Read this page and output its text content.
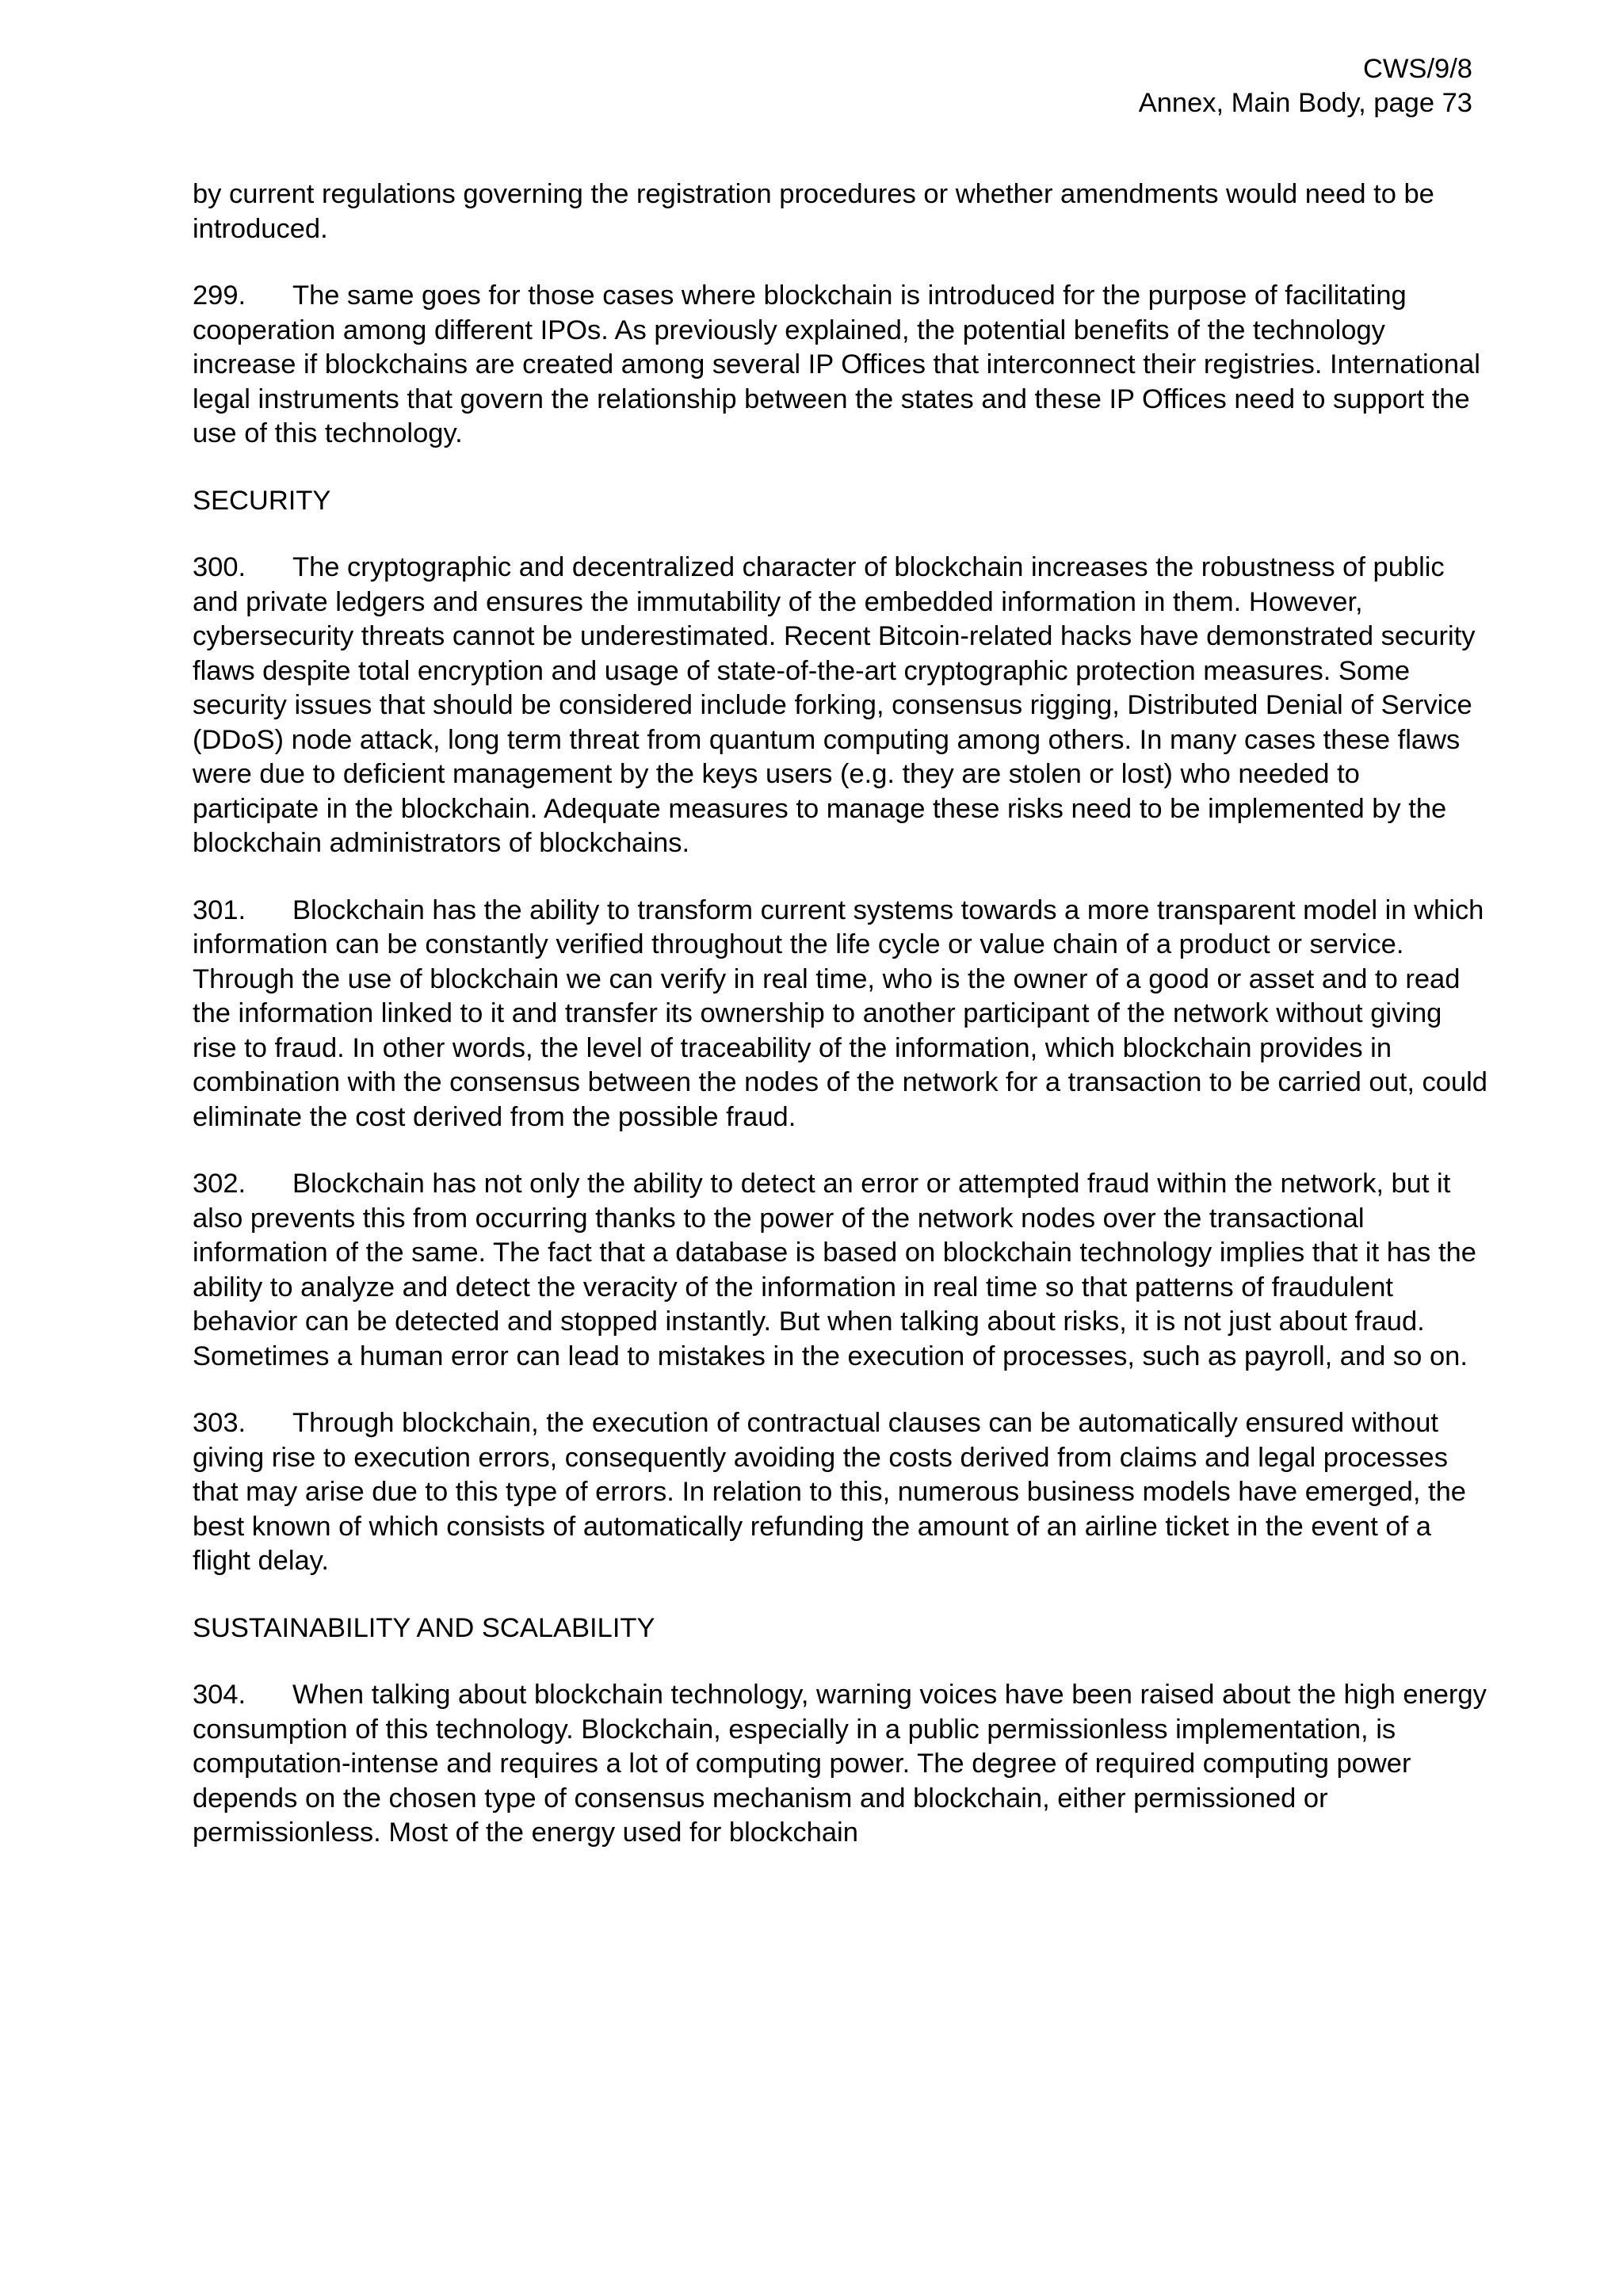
CWS/9/8
Annex, Main Body, page 73

by current regulations governing the registration procedures or whether amendments would need to be introduced.

299. The same goes for those cases where blockchain is introduced for the purpose of facilitating cooperation among different IPOs. As previously explained, the potential benefits of the technology increase if blockchains are created among several IP Offices that interconnect their registries. International legal instruments that govern the relationship between the states and these IP Offices need to support the use of this technology.

SECURITY

300. The cryptographic and decentralized character of blockchain increases the robustness of public and private ledgers and ensures the immutability of the embedded information in them. However, cybersecurity threats cannot be underestimated. Recent Bitcoin-related hacks have demonstrated security flaws despite total encryption and usage of state-of-the-art cryptographic protection measures. Some security issues that should be considered include forking, consensus rigging, Distributed Denial of Service (DDoS) node attack, long term threat from quantum computing among others. In many cases these flaws were due to deficient management by the keys users (e.g. they are stolen or lost) who needed to participate in the blockchain. Adequate measures to manage these risks need to be implemented by the blockchain administrators of blockchains.

301. Blockchain has the ability to transform current systems towards a more transparent model in which information can be constantly verified throughout the life cycle or value chain of a product or service. Through the use of blockchain we can verify in real time, who is the owner of a good or asset and to read the information linked to it and transfer its ownership to another participant of the network without giving rise to fraud. In other words, the level of traceability of the information, which blockchain provides in combination with the consensus between the nodes of the network for a transaction to be carried out, could eliminate the cost derived from the possible fraud.

302. Blockchain has not only the ability to detect an error or attempted fraud within the network, but it also prevents this from occurring thanks to the power of the network nodes over the transactional information of the same. The fact that a database is based on blockchain technology implies that it has the ability to analyze and detect the veracity of the information in real time so that patterns of fraudulent behavior can be detected and stopped instantly. But when talking about risks, it is not just about fraud. Sometimes a human error can lead to mistakes in the execution of processes, such as payroll, and so on.

303. Through blockchain, the execution of contractual clauses can be automatically ensured without giving rise to execution errors, consequently avoiding the costs derived from claims and legal processes that may arise due to this type of errors. In relation to this, numerous business models have emerged, the best known of which consists of automatically refunding the amount of an airline ticket in the event of a flight delay.

SUSTAINABILITY AND SCALABILITY

304. When talking about blockchain technology, warning voices have been raised about the high energy consumption of this technology. Blockchain, especially in a public permissionless implementation, is computation-intense and requires a lot of computing power. The degree of required computing power depends on the chosen type of consensus mechanism and blockchain, either permissioned or permissionless. Most of the energy used for blockchain
